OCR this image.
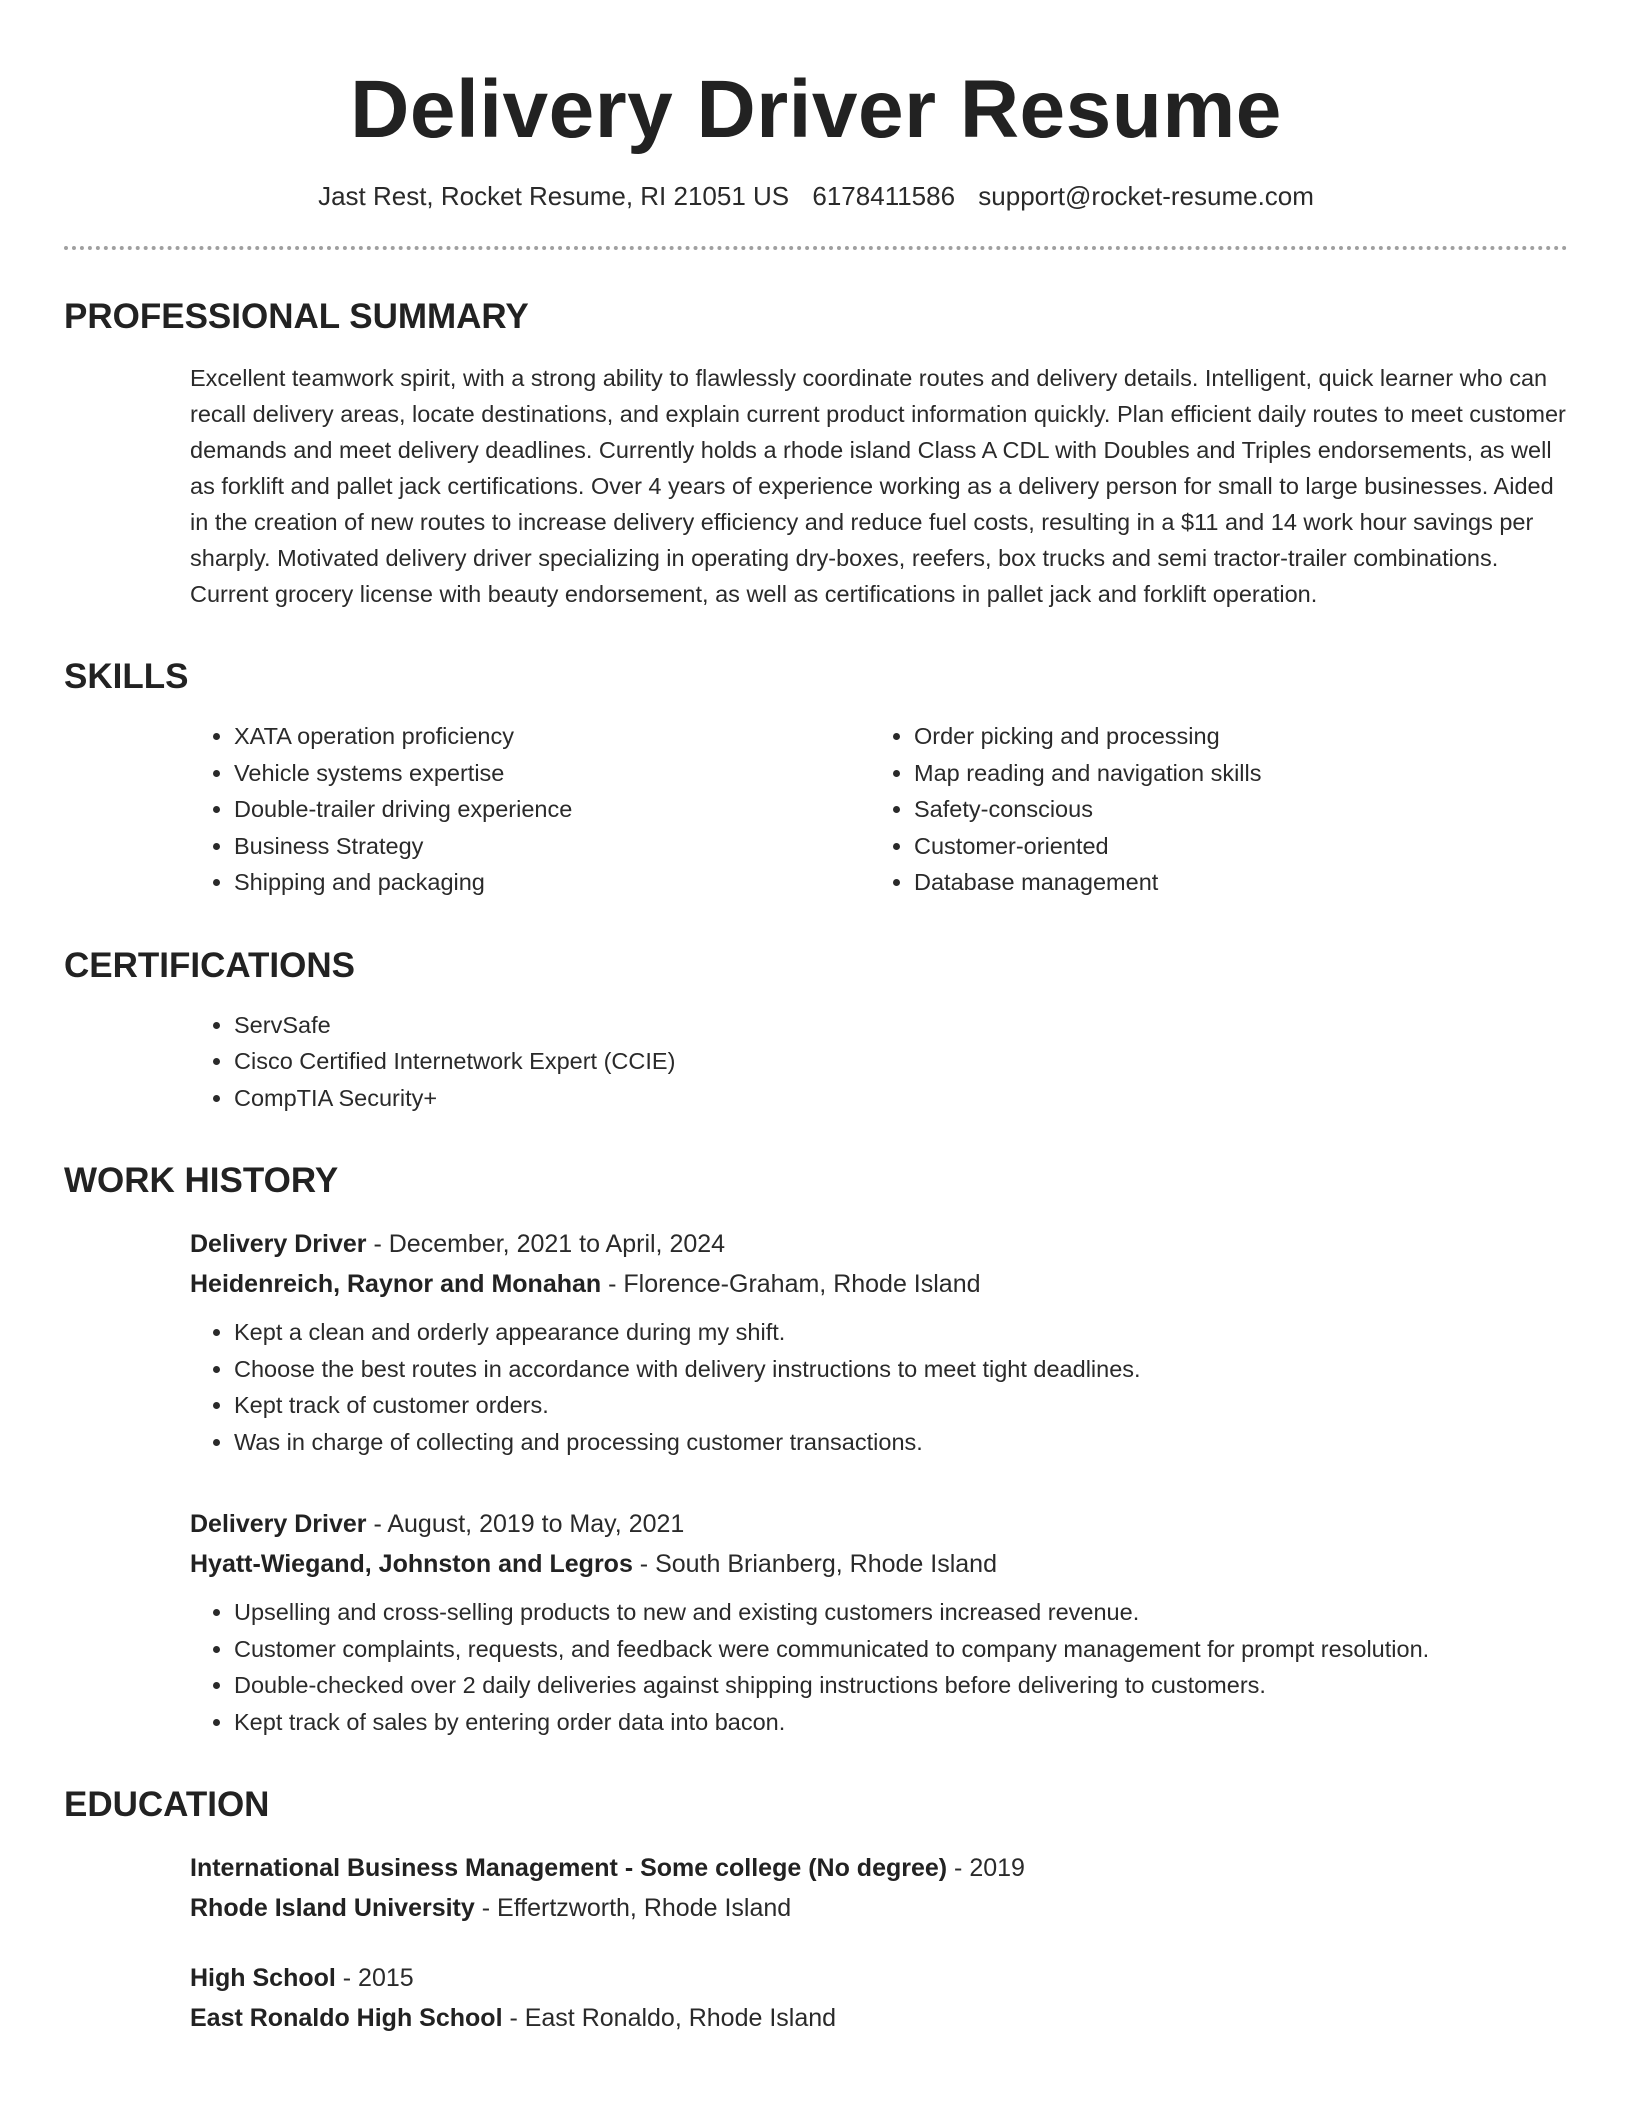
Delivery Driver Resume
Jast Rest, Rocket Resume, RI 21051 US 6178411586 support@rocket-resume.com
PROFESSIONAL SUMMARY
Excellent teamwork spirit, with a strong ability to flawlessly coordinate routes and delivery details. Intelligent, quick learner who can recall delivery areas, locate destinations, and explain current product information quickly. Plan efficient daily routes to meet customer demands and meet delivery deadlines. Currently holds a rhode island Class A CDL with Doubles and Triples endorsements, as well as forklift and pallet jack certifications. Over 4 years of experience working as a delivery person for small to large businesses. Aided in the creation of new routes to increase delivery efficiency and reduce fuel costs, resulting in a $11 and 14 work hour savings per sharply. Motivated delivery driver specializing in operating dry-boxes, reefers, box trucks and semi tractor-trailer combinations. Current grocery license with beauty endorsement, as well as certifications in pallet jack and forklift operation.
SKILLS
• XATA operation proficiency
• Vehicle systems expertise
• Double-trailer driving experience
• Business Strategy
• Shipping and packaging
• Order picking and processing
• Map reading and navigation skills
• Safety-conscious
• Customer-oriented
• Database management
CERTIFICATIONS
• ServSafe
• Cisco Certified Internetwork Expert (CCIE)
• CompTIA Security+
WORK HISTORY
Delivery Driver - December, 2021 to April, 2024
Heidenreich, Raynor and Monahan - Florence-Graham, Rhode Island
• Kept a clean and orderly appearance during my shift.
• Choose the best routes in accordance with delivery instructions to meet tight deadlines.
• Kept track of customer orders.
• Was in charge of collecting and processing customer transactions.
Delivery Driver - August, 2019 to May, 2021
Hyatt-Wiegand, Johnston and Legros - South Brianberg, Rhode Island
• Upselling and cross-selling products to new and existing customers increased revenue.
• Customer complaints, requests, and feedback were communicated to company management for prompt resolution.
• Double-checked over 2 daily deliveries against shipping instructions before delivering to customers.
• Kept track of sales by entering order data into bacon.
EDUCATION
International Business Management - Some college (No degree) - 2019
Rhode Island University - Effertzworth, Rhode Island
High School - 2015
East Ronaldo High School - East Ronaldo, Rhode Island
